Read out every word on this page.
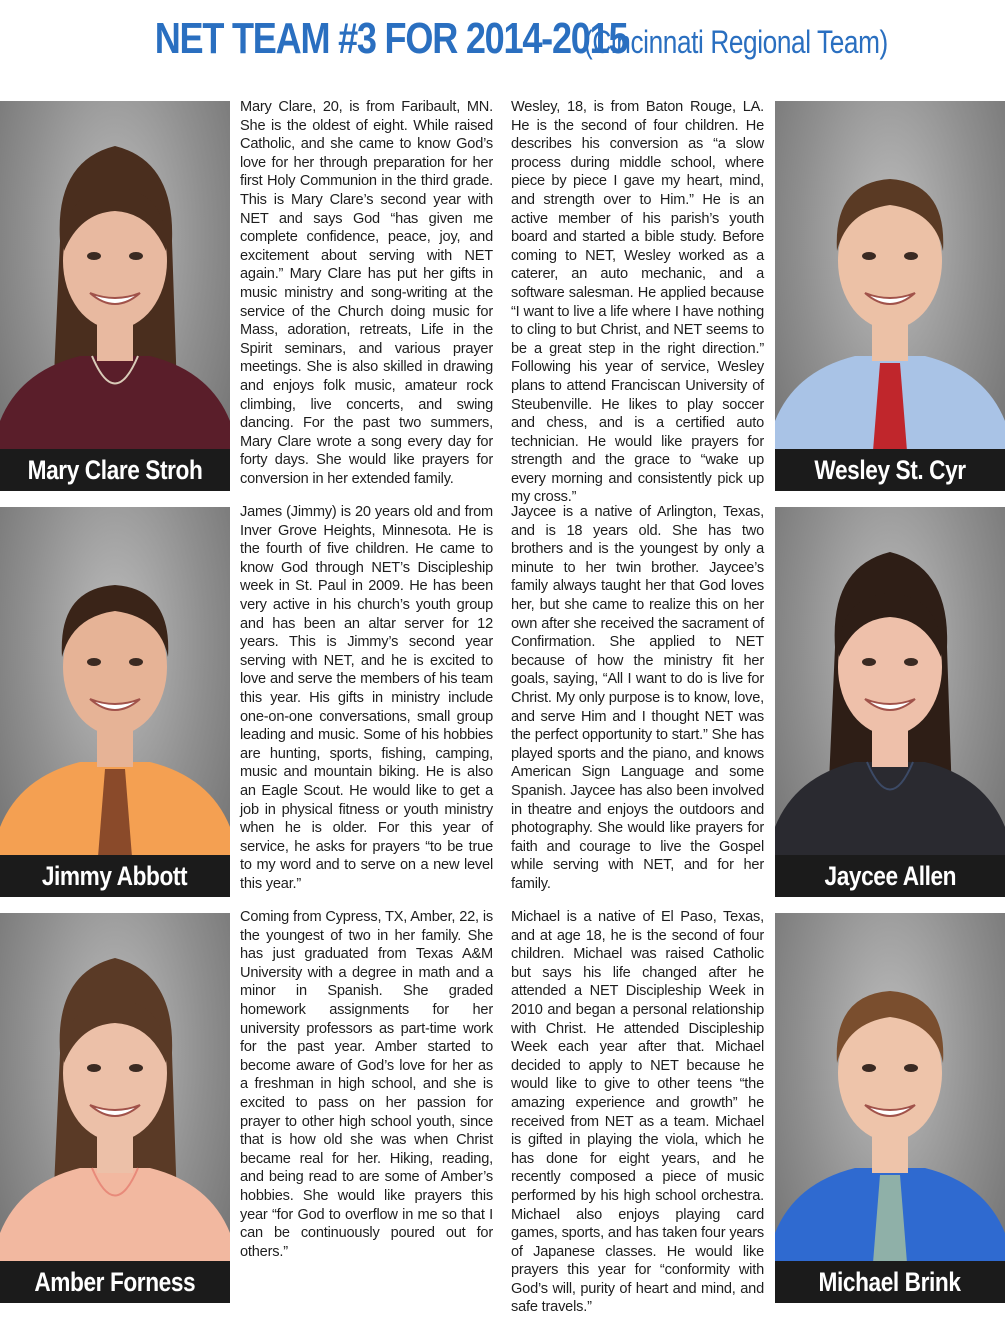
NET TEAM #3 FOR 2014-2015 (Cincinnati Regional Team)
Mary Clare Stroh

Mary Clare, 20, is from Faribault, MN. She is the oldest of eight. While raised Catholic, and she came to know God’s love for her through preparation for her first Holy Communion in the third grade. This is Mary Clare’s second year with NET and says God “has given me complete confidence, peace, joy, and excitement about serving with NET again.” Mary Clare has put her gifts in music ministry and song-writing at the service of the Church doing music for Mass, adoration, retreats, Life in the Spirit seminars, and various prayer meetings. She is also skilled in drawing and enjoys folk music, amateur rock climbing, live concerts, and swing dancing. For the past two summers, Mary Clare wrote a song every day for forty days. She would like prayers for conversion in her extended family.

Wesley, 18, is from Baton Rouge, LA. He is the second of four children. He describes his conversion as “a slow process during middle school, where piece by piece I gave my heart, mind, and strength over to Him.” He is an active member of his parish’s youth board and started a bible study. Before coming to NET, Wesley worked as a caterer, an auto mechanic, and a software salesman. He applied because “I want to live a life where I have nothing to cling to but Christ, and NET seems to be a great step in the right direction.” Following his year of service, Wesley plans to attend Franciscan University of Steubenville. He likes to play soccer and chess, and is a certified auto technician. He would like prayers for strength and the grace to “wake up every morning and consistently pick up my cross.”

Wesley St. Cyr
Jimmy Abbott

James (Jimmy) is 20 years old and from Inver Grove Heights, Minnesota. He is the fourth of five children. He came to know God through NET’s Discipleship week in St. Paul in 2009. He has been very active in his church’s youth group and has been an altar server for 12 years. This is Jimmy’s second year serving with NET, and he is excited to love and serve the members of his team this year. His gifts in ministry include one-on-one conversations, small group leading and music. Some of his hobbies are hunting, sports, fishing, camping, music and mountain biking. He is also an Eagle Scout. He would like to get a job in physical fitness or youth ministry when he is older. For this year of service, he asks for prayers “to be true to my word and to serve on a new level this year.”

Jaycee is a native of Arlington, Texas, and is 18 years old. She has two brothers and is the youngest by only a minute to her twin brother. Jaycee’s family always taught her that God loves her, but she came to realize this on her own after she received the sacrament of Confirmation. She applied to NET because of how the ministry fit her goals, saying, “All I want to do is live for Christ. My only purpose is to know, love, and serve Him and I thought NET was the perfect opportunity to start.” She has played sports and the piano, and knows American Sign Language and some Spanish. Jaycee has also been involved in theatre and enjoys the outdoors and photography. She would like prayers for faith and courage to live the Gospel while serving with NET, and for her family.	Jaycee Allen
Amber Forness

Coming from Cypress, TX, Amber, 22, is the youngest of two in her family. She has just graduated from Texas A&M University with a degree in math and a minor in Spanish. She graded homework assignments for her university professors as part-time work for the past year. Amber started to become aware of God’s love for her as a freshman in high school, and she is excited to pass on her passion for prayer to other high school youth, since that is how old she was when Christ became real for her. Hiking, reading, and being read to are some of Amber’s hobbies. She would like prayers this year “for God to overflow in me so that I can be continuously poured out for others.”

Michael is a native of El Paso, Texas, and at age 18, he is the second of four children. Michael was raised Catholic but says his life changed after he attended a NET Discipleship Week in 2010 and began a personal relationship with Christ. He attended Discipleship Week each year after that. Michael decided to apply to NET because he would like to give to other teens “the amazing experience and growth” he received from NET as a team. Michael is gifted in playing the viola, which he has done for eight years, and he recently composed a piece of music performed by his high school orchestra. Michael also enjoys playing card games, sports, and has taken four years of Japanese classes. He would like prayers this year for “conformity with God’s will, purity of heart and mind, and safe travels.”

Michael Brink
